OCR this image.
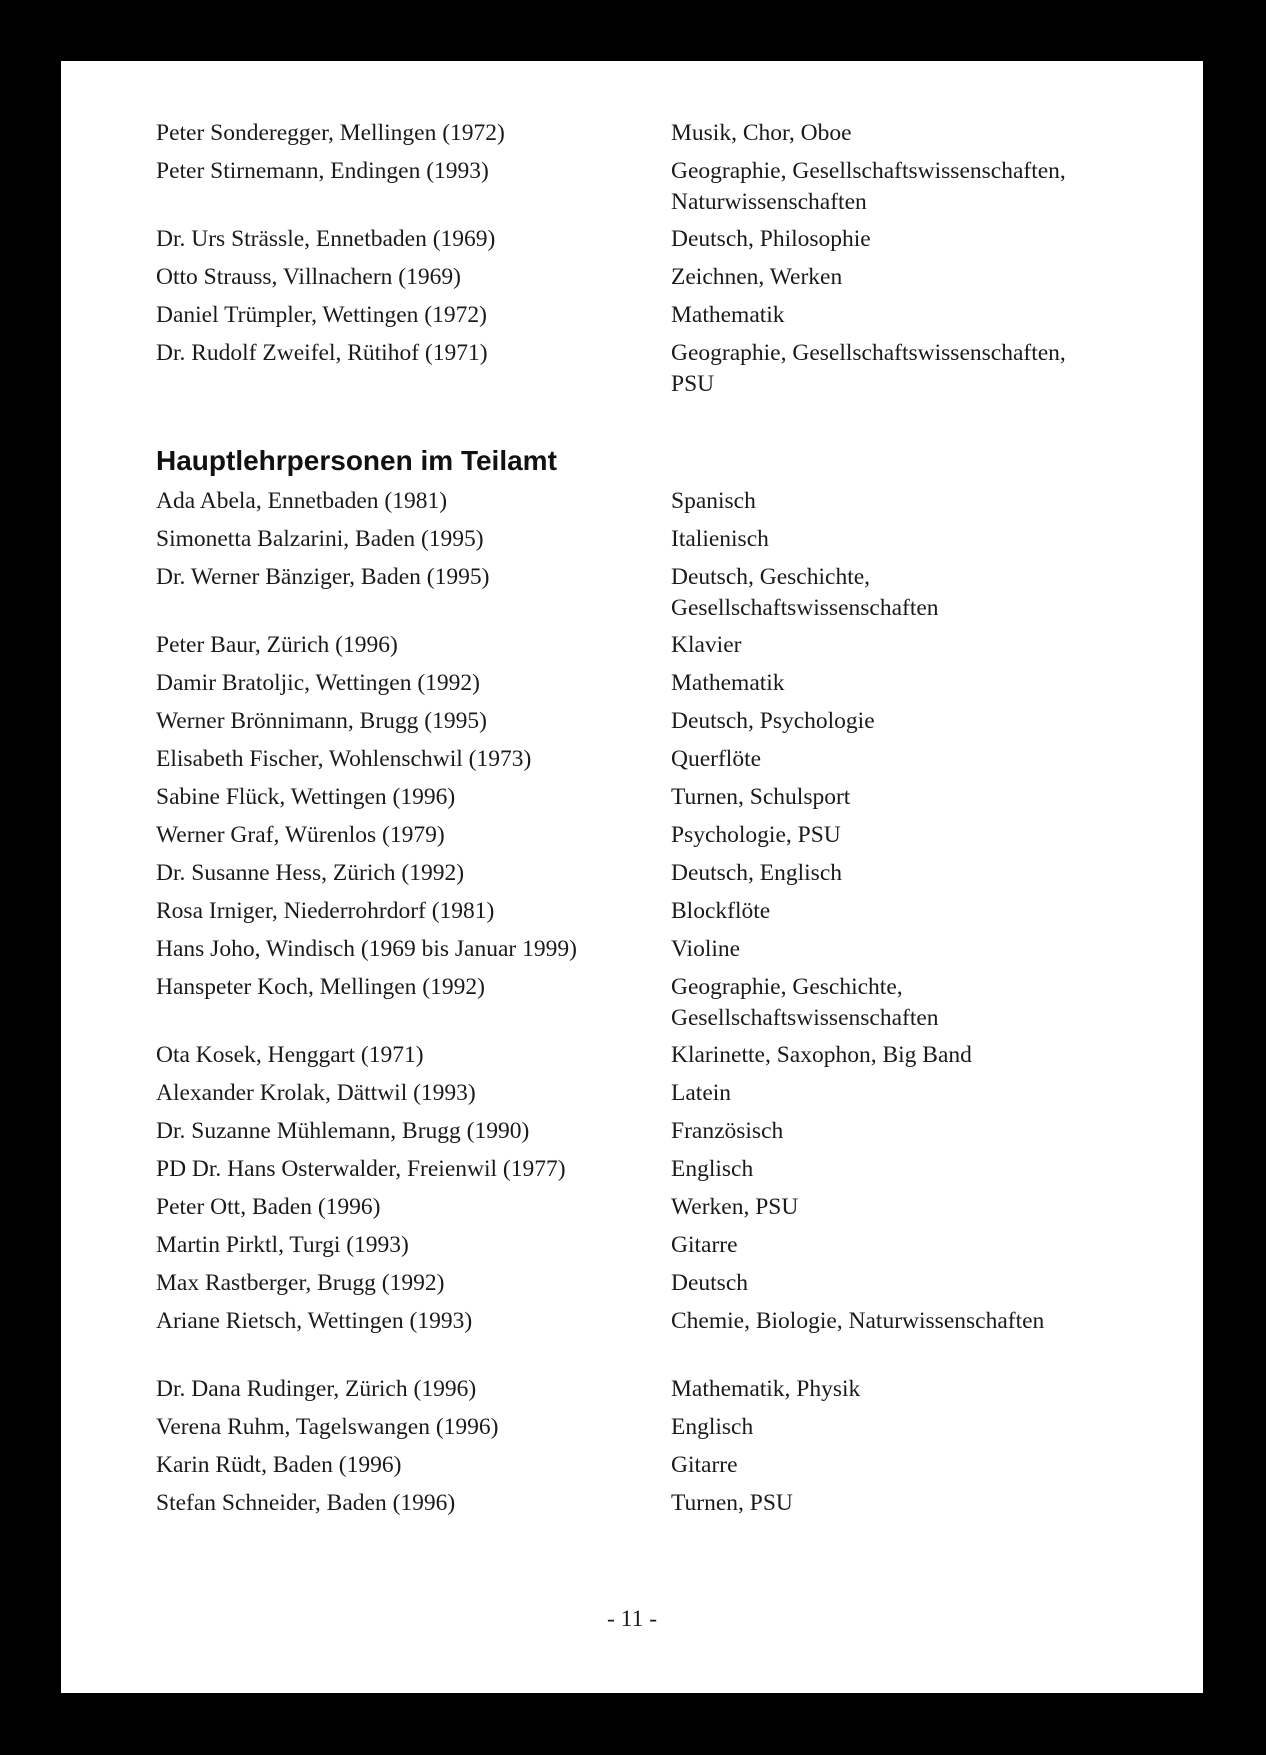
Peter Sonderegger, Mellingen (1972)	Musik, Chor, Oboe
Peter Stirnemann, Endingen (1993)	Geographie, Gesellschaftswissenschaften, Naturwissenschaften
Dr. Urs Strässle, Ennetbaden (1969)	Deutsch, Philosophie
Otto Strauss, Villnachern (1969)	Zeichnen, Werken
Daniel Trümpler, Wettingen (1972)	Mathematik
Dr. Rudolf Zweifel, Rütihof (1971)	Geographie, Gesellschaftswissenschaften, PSU
Hauptlehrpersonen im Teilamt
Ada Abela, Ennetbaden (1981)	Spanisch
Simonetta Balzarini, Baden (1995)	Italienisch
Dr. Werner Bänziger, Baden (1995)	Deutsch, Geschichte, Gesellschaftswissenschaften
Peter Baur, Zürich (1996)	Klavier
Damir Bratoljic, Wettingen (1992)	Mathematik
Werner Brönnimann, Brugg (1995)	Deutsch, Psychologie
Elisabeth Fischer, Wohlenschwil (1973)	Querflöte
Sabine Flück, Wettingen (1996)	Turnen, Schulsport
Werner Graf, Würenlos (1979)	Psychologie, PSU
Dr. Susanne Hess, Zürich (1992)	Deutsch, Englisch
Rosa Irniger, Niederrohrdorf (1981)	Blockflöte
Hans Joho, Windisch (1969 bis Januar 1999)	Violine
Hanspeter Koch, Mellingen (1992)	Geographie, Geschichte, Gesellschaftswissenschaften
Ota Kosek, Henggart (1971)	Klarinette, Saxophon, Big Band
Alexander Krolak, Dättwil (1993)	Latein
Dr. Suzanne Mühlemann, Brugg (1990)	Französisch
PD Dr. Hans Osterwalder, Freienwil (1977)	Englisch
Peter Ott, Baden (1996)	Werken, PSU
Martin Pirktl, Turgi (1993)	Gitarre
Max Rastberger, Brugg (1992)	Deutsch
Ariane Rietsch, Wettingen (1993)	Chemie, Biologie, Naturwissenschaften
Dr. Dana Rudinger, Zürich (1996)	Mathematik, Physik
Verena Ruhm, Tagelswangen (1996)	Englisch
Karin Rüdt, Baden (1996)	Gitarre
Stefan Schneider, Baden (1996)	Turnen, PSU
- 11 -
